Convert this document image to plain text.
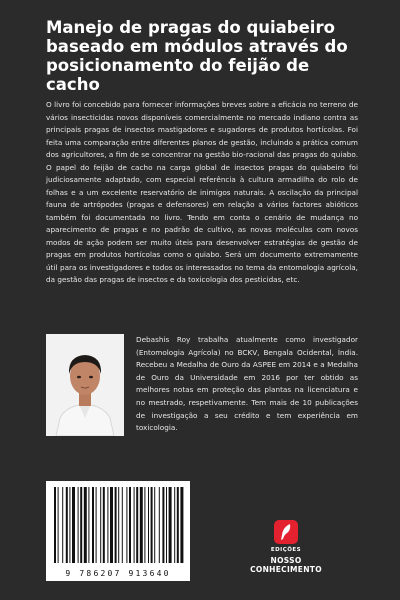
Manejo de pragas do quiabeiro baseado em módulos através do posicionamento do feijão de cacho

O livro foi concebido para fornecer informações breves sobre a eficácia no terreno de vários insecticidas novos disponíveis comercialmente no mercado indiano contra as principais pragas de insectos mastigadores e sugadores de produtos hortícolas. Foi feita uma comparação entre diferentes planos de gestão, incluindo a prática comum dos agricultores, a fim de se concentrar na gestão bio-racional das pragas do quiabo. O papel do feijão de cacho na carga global de insectos pragas do quiabeiro foi judiciosamente adaptado, com especial referência à cultura armadilha do rolo de folhas e a um excelente reservatório de inimigos naturais. A oscilação da principal fauna de artrópodes (pragas e defensores) em relação a vários factores abióticos também foi documentada no livro. Tendo em conta o cenário de mudança no aparecimento de pragas e no padrão de cultivo, as novas moléculas com novos modos de ação podem ser muito úteis para desenvolver estratégias de gestão de pragas em produtos hortícolas como o quiabo. Será um documento extremamente útil para os investigadores e todos os interessados no tema da entomologia agrícola, da gestão das pragas de insectos e da toxicologia dos pesticidas, etc.

Debashis Roy trabalha atualmente como investigador (Entomologia Agrícola) no BCKV, Bengala Ocidental, Índia. Recebeu a Medalha de Ouro da ASPEE em 2014 e a Medalha de Ouro da Universidade em 2016 por ter obtido as melhores notas em proteção das plantas na licenciatura e no mestrado, respetivamente. Tem mais de 10 publicações de investigação a seu crédito e tem experiência em toxicologia.

9 786207 913640
EDIÇÕES
NOSSO CONHECIMENTO
